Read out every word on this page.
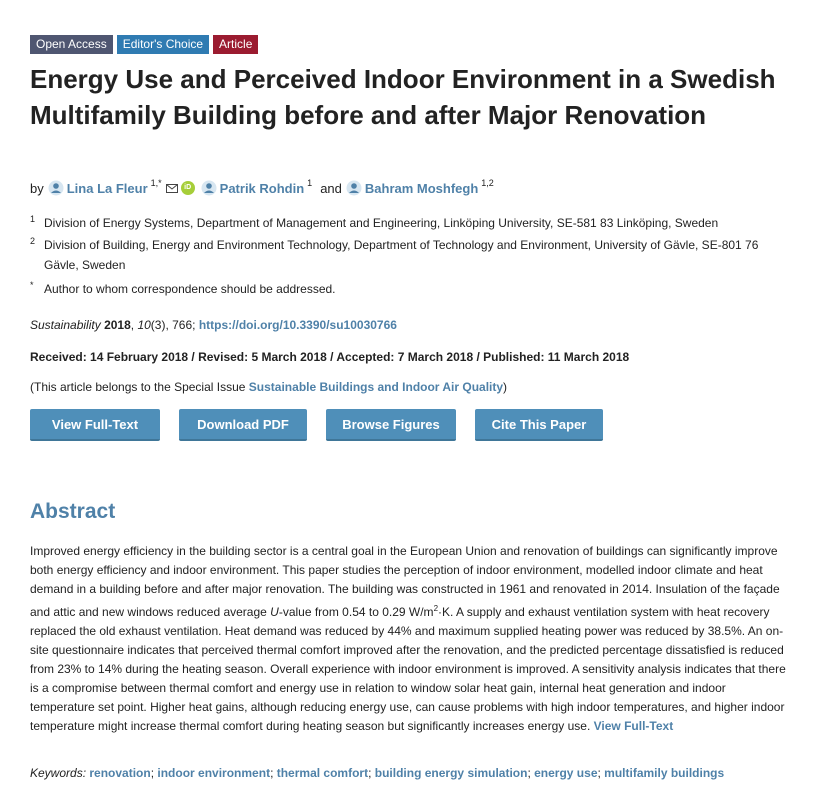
Open Access	Editor's Choice	Article
Energy Use and Perceived Indoor Environment in a Swedish Multifamily Building before and after Major Renovation
by Lina La Fleur 1,*	iD Patrik Rohdin 1 and Bahram Moshfegh 1,2
1 Division of Energy Systems, Department of Management and Engineering, Linköping University, SE-581 83 Linköping, Sweden
2 Division of Building, Energy and Environment Technology, Department of Technology and Environment, University of Gävle, SE-801 76 Gävle, Sweden
* Author to whom correspondence should be addressed.
Sustainability 2018, 10(3), 766; https://doi.org/10.3390/su10030766
Received: 14 February 2018 / Revised: 5 March 2018 / Accepted: 7 March 2018 / Published: 11 March 2018
(This article belongs to the Special Issue Sustainable Buildings and Indoor Air Quality)
View Full-Text	Download PDF	Browse Figures	Cite This Paper
Abstract

Improved energy efficiency in the building sector is a central goal in the European Union and renovation of buildings can significantly improve both energy efficiency and indoor environment. This paper studies the perception of indoor environment, modelled indoor climate and heat demand in a building before and after major renovation. The building was constructed in 1961 and renovated in 2014. Insulation of the façade and attic and new windows reduced average U-value from 0.54 to 0.29 $W/m^2\cdot K$. A supply and exhaust ventilation system with heat recovery replaced the old exhaust ventilation. Heat demand was reduced by 44% and maximum supplied heating power was reduced by 38.5%. An on-site questionnaire indicates that perceived thermal comfort improved after the renovation, and the predicted percentage dissatisfied is reduced from 23% to 14% during the heating season. Overall experience with indoor environment is improved. A sensitivity analysis indicates that there is a compromise between thermal comfort and energy use in relation to window solar heat gain, internal heat generation and indoor temperature set point. Higher heat gains, although reducing energy use, can cause problems with high indoor temperatures, and higher indoor temperature might increase thermal comfort during heating season but significantly increases energy use. View Full-Text

Keywords: renovation; indoor environment; thermal comfort; building energy simulation; energy use; multifamily buildings
